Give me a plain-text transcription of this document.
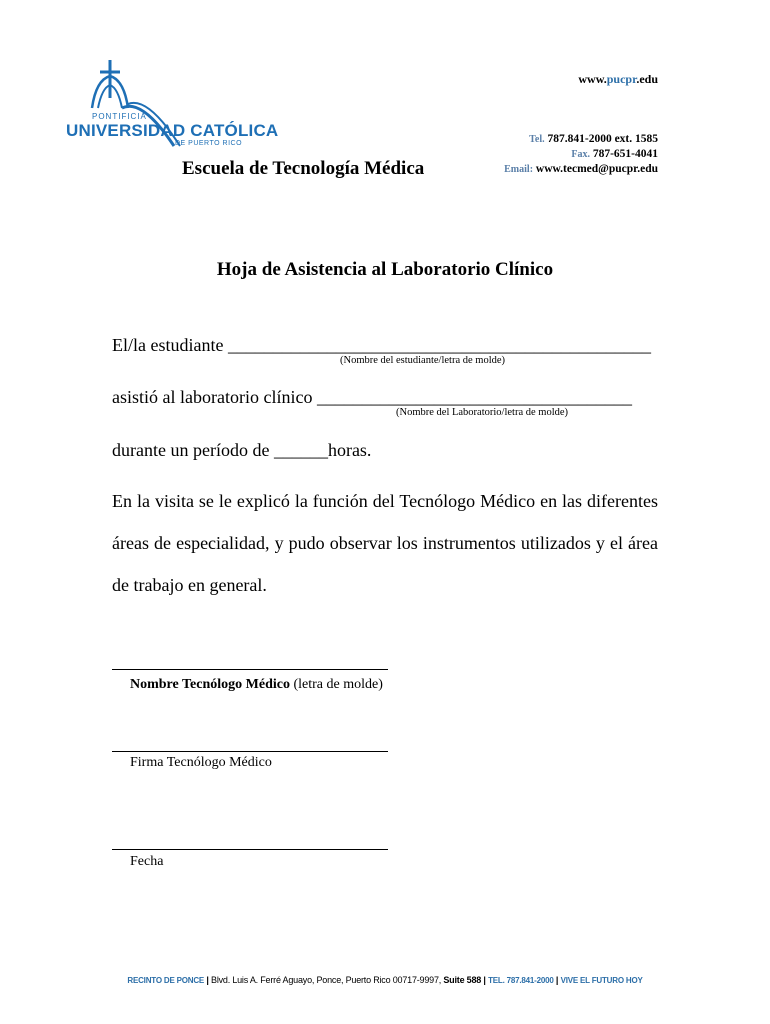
PONTIFICIA
UNIVERSIDAD CATÓLICA
DE PUERTO RICO
www.pucpr.edu
Tel. 787.841-2000 ext. 1585
Fax. 787-651-4041
Email: www.tecmed@pucpr.edu
Escuela de Tecnología Médica
Hoja de Asistencia al Laboratorio Clínico
El/la estudiante _______________________________________________
(Nombre del estudiante/letra de molde)
asistió al laboratorio clínico ___________________________________
(Nombre del Laboratorio/letra de molde)
durante un período de ______horas.
En la visita se le explicó la función del Tecnólogo Médico en las diferentes áreas de especialidad, y pudo observar los instrumentos utilizados y el área de trabajo en general.
Nombre Tecnólogo Médico (letra de molde)
Firma Tecnólogo Médico
Fecha
RECINTO DE PONCE | Blvd. Luis A. Ferré Aguayo, Ponce, Puerto Rico 00717-9997, Suite 588 | TEL. 787.841-2000 | VIVE EL FUTURO HOY
